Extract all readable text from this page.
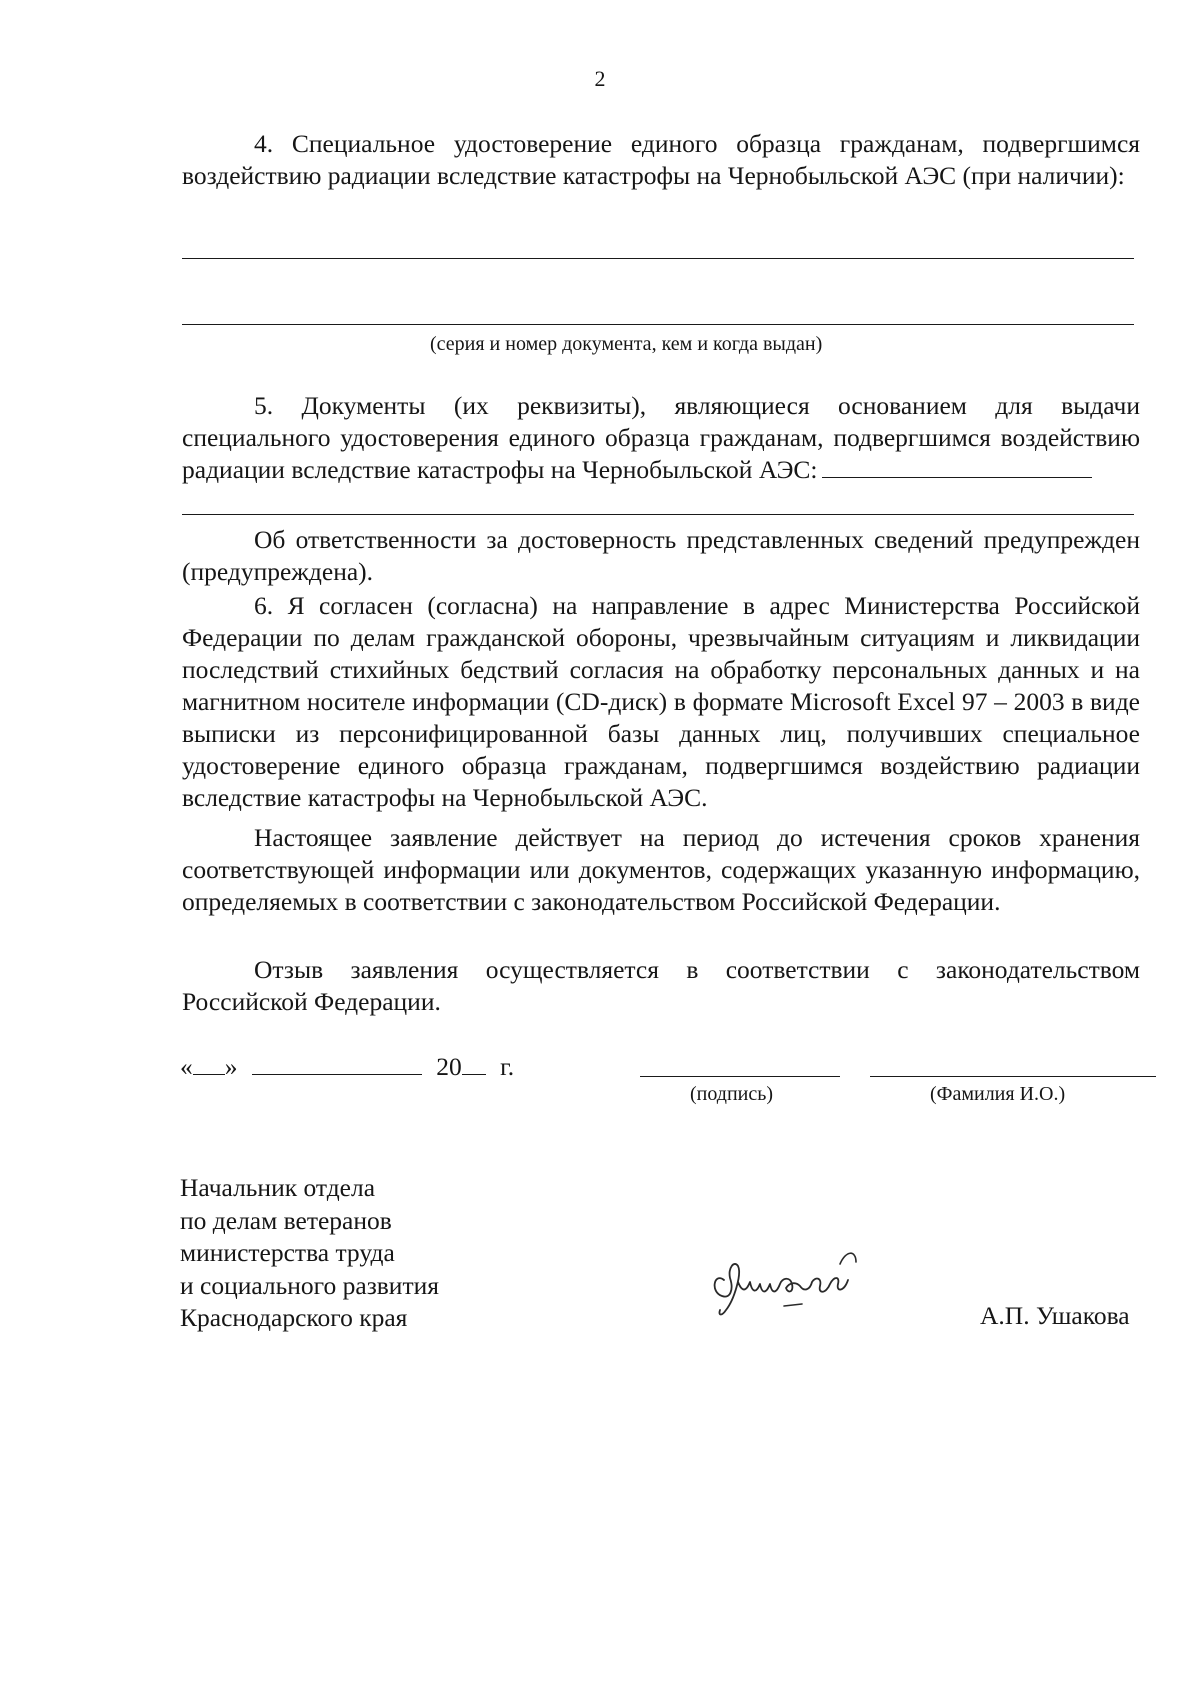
2
4. Специальное удостоверение единого образца гражданам, подвергшимся воздействию радиации вследствие катастрофы на Чернобыльской АЭС (при наличии):
(серия и номер документа, кем и когда выдан)
5. Документы (их реквизиты), являющиеся основанием для выдачи специального удостоверения единого образца гражданам, подвергшимся воздействию радиации вследствие катастрофы на Чернобыльской АЭС:
Об ответственности за достоверность представленных сведений предупрежден (предупреждена).
6. Я согласен (согласна) на направление в адрес Министерства Российской Федерации по делам гражданской обороны, чрезвычайным ситуациям и ликвидации последствий стихийных бедствий согласия на обработку персональных данных и на магнитном носителе информации (CD-диск) в формате Microsoft Excel 97 – 2003 в виде выписки из персонифицированной базы данных лиц, получивших специальное удостоверение единого образца гражданам, подвергшимся воздействию радиации вследствие катастрофы на Чернобыльской АЭС.
Настоящее заявление действует на период до истечения сроков хранения соответствующей информации или документов, содержащих указанную информацию, определяемых в соответствии с законодательством Российской Федерации.
Отзыв заявления осуществляется в соответствии с законодательством Российской Федерации.
« »	20 г.
(подпись)	(Фамилия И.О.)
Начальник отдела
по делам ветеранов
министерства труда
и социального развития
Краснодарского края	А.П. Ушакова
